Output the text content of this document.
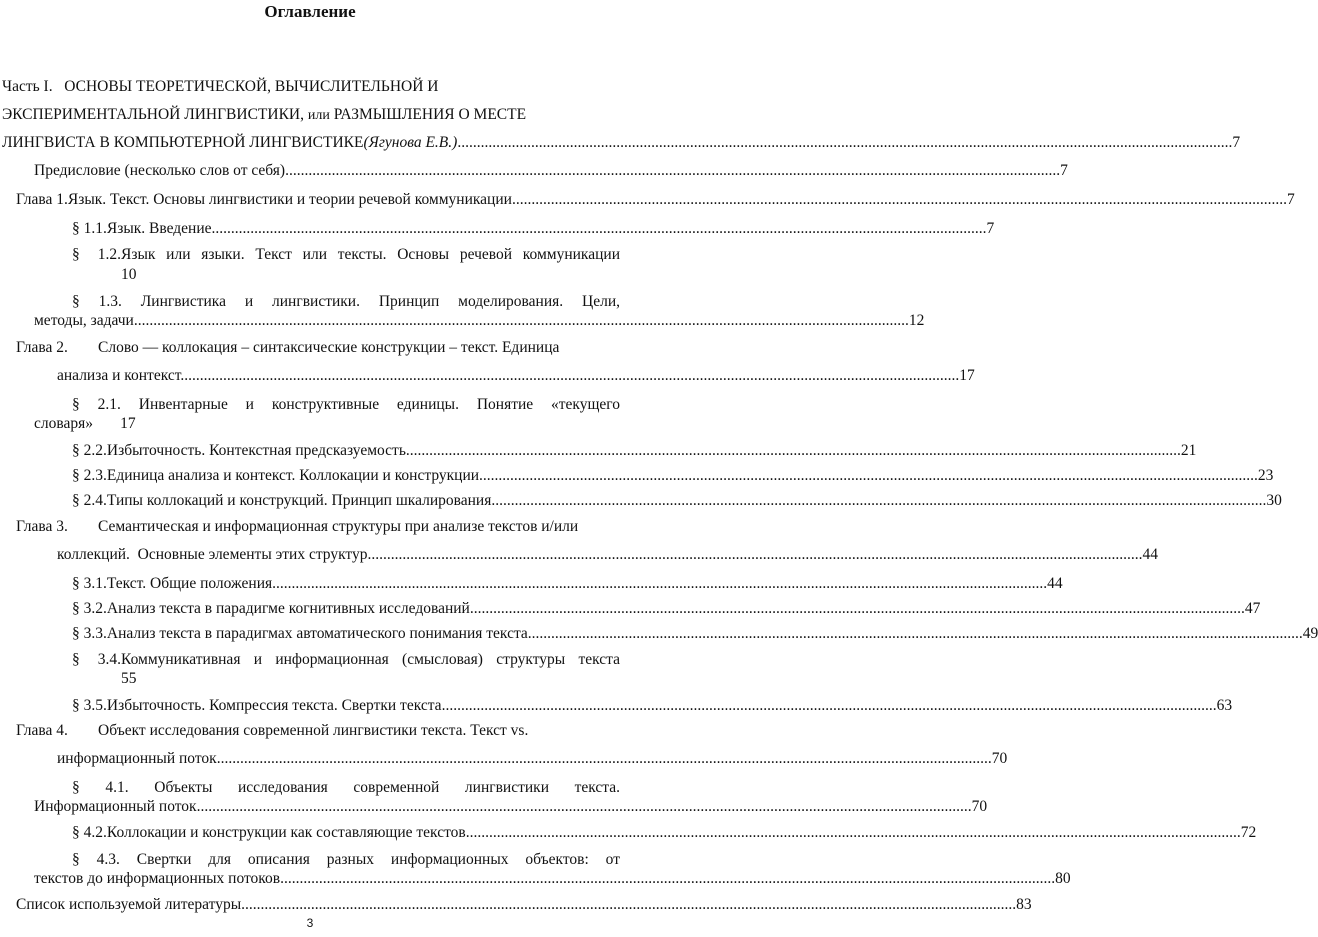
Оглавление
Часть I. ОСНОВЫ ТЕОРЕТИЧЕСКОЙ, ВЫЧИСЛИТЕЛЬНОЙ И
ЭКСПЕРИМЕНТАЛЬНОЙ ЛИНГВИСТИКИ, или РАЗМЫШЛЕНИЯ О МЕСТЕ
ЛИНГВИСТА В КОМПЬЮТЕРНОЙ ЛИНГВИСТИКЕ (Ягунова Е.В.) .....	7
Предисловие (несколько слов от себя) .....	7
Глава 1. Язык. Текст. Основы лингвистики и теории речевой коммуникации .....	7
§ 1.1. Язык. Введение .....	7
§ 1.2.Язык или языки. Текст или тексты. Основы речевой коммуникации
10
§ 1.3. Лингвистика и лингвистики. Принцип моделирования. Цели,
методы, задачи .....	12
Глава 2. Слово — коллокация – синтаксические конструкции – текст. Единица
анализа и контекст. .....	17
§ 2.1. Инвентарные и конструктивные единицы. Понятие «текущего
словаря» 17
§ 2.2. Избыточность. Контекстная предсказуемость .....	21
§ 2.3. Единица анализа и контекст. Коллокации и конструкции. .....	23
§ 2.4. Типы коллокаций и конструкций. Принцип шкалирования .....	30
Глава 3. Семантическая и информационная структуры при анализе текстов и/или
коллекций.  Основные элементы этих структур .....	44
§ 3.1. Текст. Общие положения .....	44
§ 3.2. Анализ текста в парадигме когнитивных исследований .....	47
§ 3.3. Анализ текста в парадигмах автоматического понимания текста .....	49
§ 3.4.Коммуникативная и информационная (смысловая) структуры текста
55
§ 3.5. Избыточность. Компрессия текста. Свертки текста .....	63
Глава 4. Объект исследования современной лингвистики текста. Текст vs.
информационный поток .....	70
§ 4.1. Объекты исследования современной лингвистики текста.
Информационный поток .....	70
§ 4.2. Коллокации и конструкции как составляющие текстов .....	72
§ 4.3. Свертки для описания разных информационных объектов: от
текстов до информационных потоков .....	80
Список используемой литературы .....	83
3
